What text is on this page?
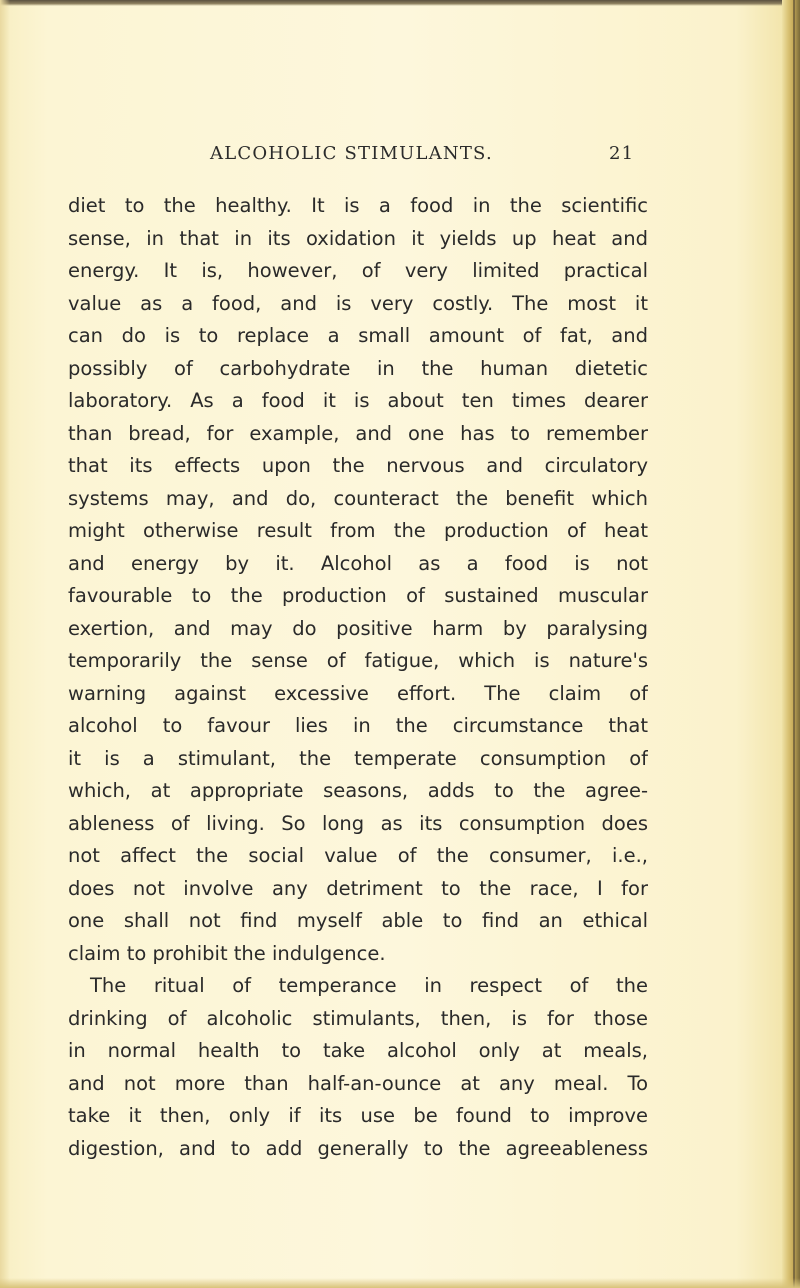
ALCOHOLIC STIMULANTS.	21
diet to the healthy. It is a food in the scientific
sense, in that in its oxidation it yields up heat and
energy. It is, however, of very limited practical
value as a food, and is very costly. The most it
can do is to replace a small amount of fat, and
possibly of carbohydrate in the human dietetic
laboratory. As a food it is about ten times dearer
than bread, for example, and one has to remember
that its effects upon the nervous and circulatory
systems may, and do, counteract the benefit which
might otherwise result from the production of heat
and energy by it. Alcohol as a food is not
favourable to the production of sustained muscular
exertion, and may do positive harm by paralysing
temporarily the sense of fatigue, which is nature's
warning against excessive effort. The claim of
alcohol to favour lies in the circumstance that
it is a stimulant, the temperate consumption of
which, at appropriate seasons, adds to the agree-
ableness of living. So long as its consumption does
not affect the social value of the consumer, i.e.,
does not involve any detriment to the race, I for
one shall not find myself able to find an ethical
claim to prohibit the indulgence.
The ritual of temperance in respect of the
drinking of alcoholic stimulants, then, is for those
in normal health to take alcohol only at meals,
and not more than half-an-ounce at any meal. To
take it then, only if its use be found to improve
digestion, and to add generally to the agreeableness
